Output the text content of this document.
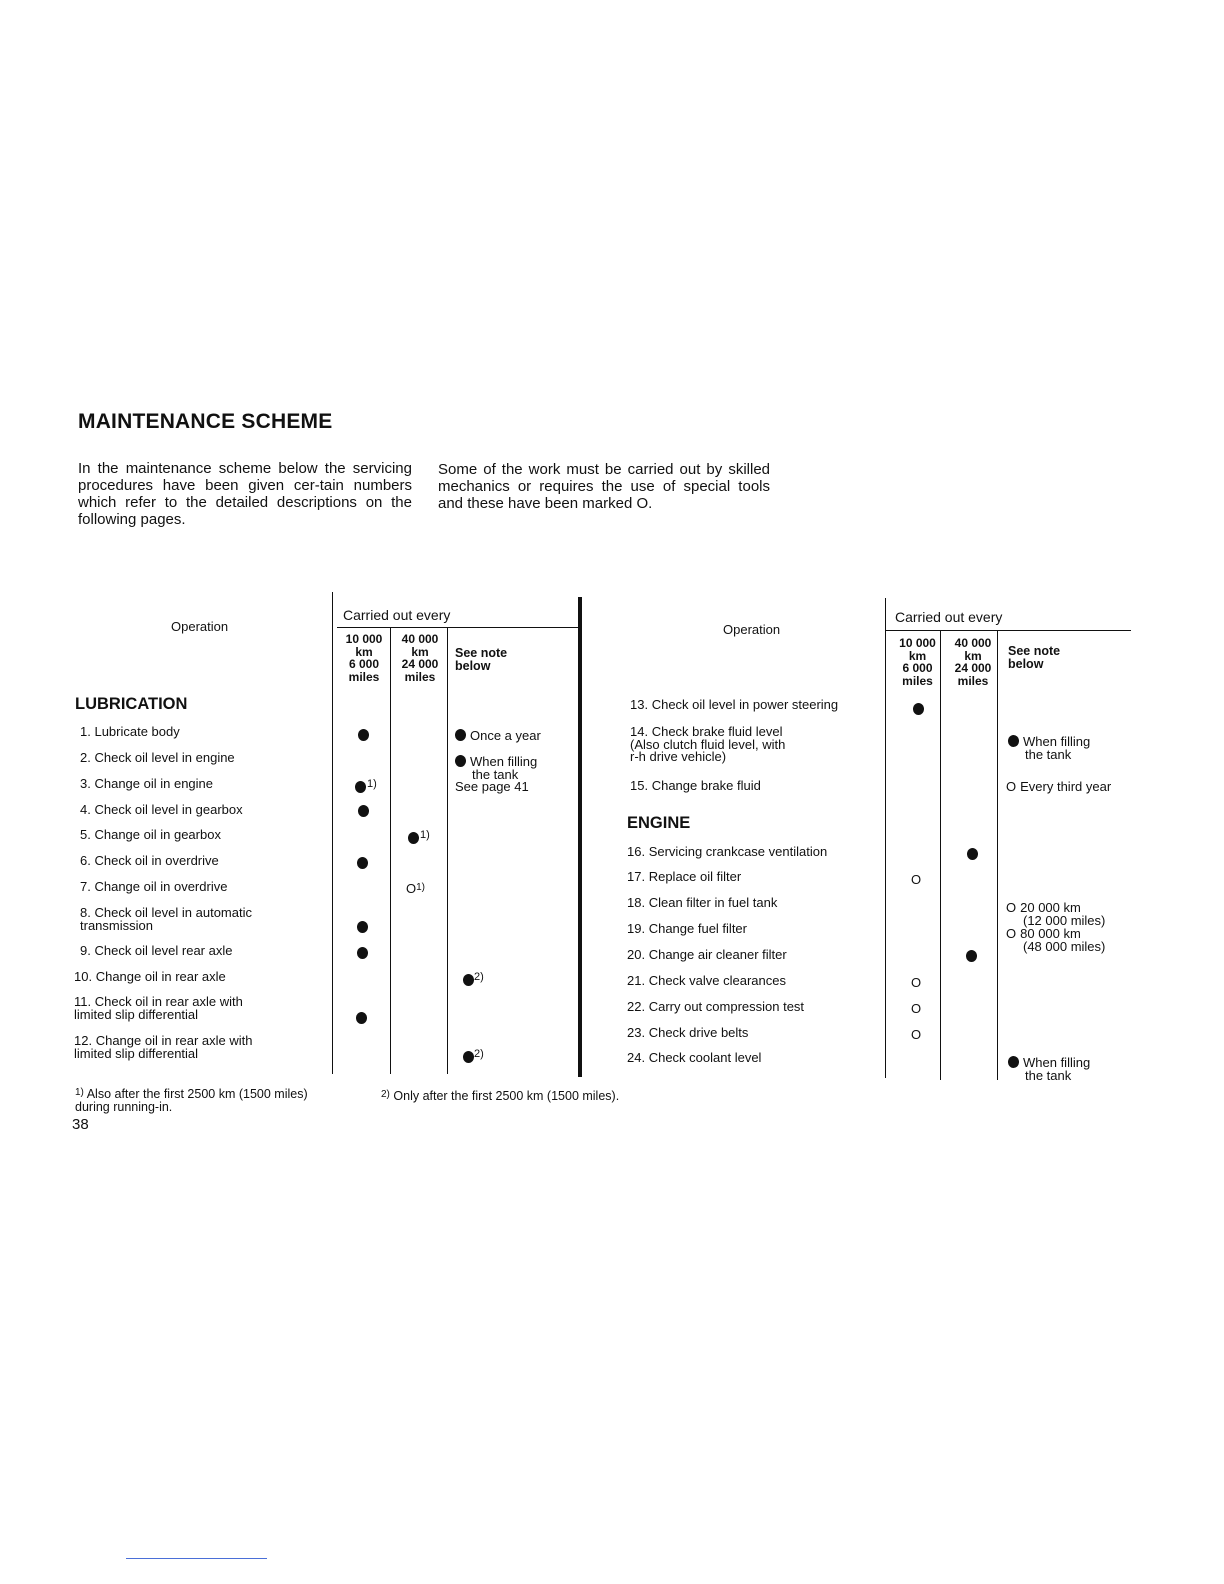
MAINTENANCE SCHEME
In the maintenance scheme below the servicing procedures have been given cer-tain numbers which refer to the detailed descriptions on the following pages.
Some of the work must be carried out by skilled mechanics or requires the use of special tools and these have been marked O.
Operation
Carried out every
10 000
km
6 000
miles
40 000
km
24 000
miles
See note
below
LUBRICATION
1. Lubricate body
2. Check oil level in engine
3. Change oil in engine
4. Check oil level in gearbox
5. Change oil in gearbox
6. Check oil in overdrive
7. Change oil in overdrive
8. Check oil level in automatic
transmission
9. Check oil level rear axle
10. Change oil in rear axle
11. Check oil in rear axle with
limited slip differential
12. Change oil in rear axle with
limited slip differential
1)
1)
$O^{1)}$
2)
2)
Once a year
When filling
the tank
See page 41
Operation
Carried out every
10 000
km
6 000
miles
40 000
km
24 000
miles
See note
below
13. Check oil level in power steering
14. Check brake fluid level
(Also clutch fluid level, with
r-h drive vehicle)
15. Change brake fluid
ENGINE
16. Servicing crankcase ventilation
17. Replace oil filter
18. Clean filter in fuel tank
19. Change fuel filter
20. Change air cleaner filter
21. Check valve clearances
22. Carry out compression test
23. Check drive belts
24. Check coolant level
O
O
O
O
When filling
the tank
O Every third year
O 20 000 km
(12 000 miles)
O 80 000 km
(48 000 miles)
When filling
the tank
$^{1)}$ Also after the first 2500 km (1500 miles)
during running-in.
$^{2)}$ Only after the first 2500 km (1500 miles).
38
